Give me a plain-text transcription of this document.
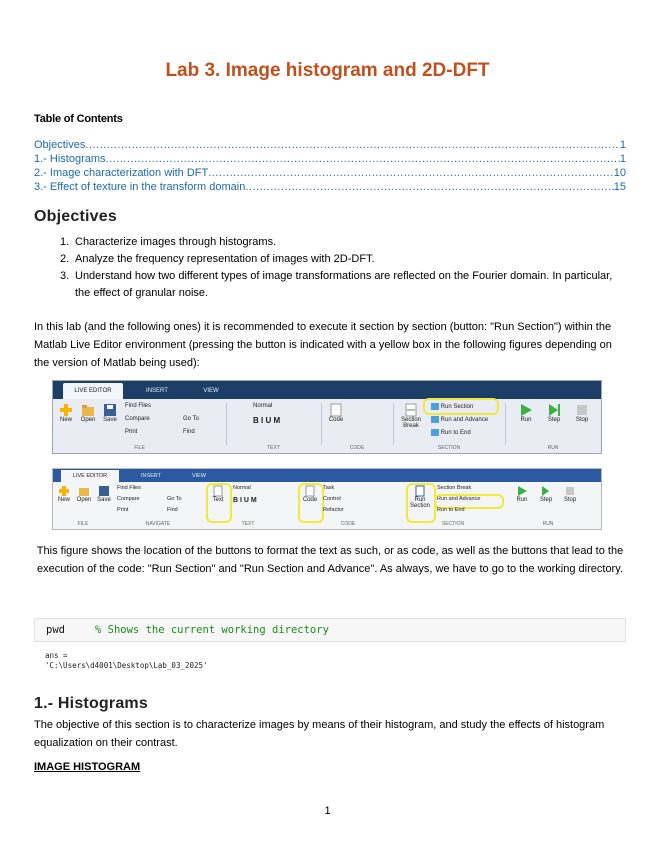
Lab 3. Image histogram and 2D-DFT
Table of Contents
Objectives .....	1
1.- Histograms .....	1
2.- Image characterization with DFT .....	10
3.- Effect of texture in the transform domain .....	15
Objectives
1. Characterize images through histograms.
2. Analyze the frequency representation of images with 2D-DFT.
3. Understand how two different types of image transformations are reflected on the Fourier domain. In particular, the effect of granular noise.
In this lab (and the following ones) it is recommended to execute it section by section (button: "Run Section") within the Matlab Live Editor environment (pressing the button is indicated with a yellow box in the following figures depending on the version of Matlab being used):
LIVE EDITOR	INSERT	VIEW
New	Open	Save
Find Files
Compare
Print
Go To
Find
Normal
B I U M	Code	Section Break
Run Section
Run and Advance
Run to End
Run	Step	Stop
FILE	TEXT	CODE	SECTION	RUN
LIVE EDITOR	INSERT	VIEW
New	Open Save
Find Files
Compare
Print
Go To
Find
Text
Normal
B I U M	Code
Task
Control
Refactor
Run Section
Section Break
Run and Advance
Run to End
Run	Step	Stop
FILE	NAVIGATE	TEXT	CODE	SECTION	RUN
This figure shows the location of the buttons to format the text as such, or as code, as well as the buttons that lead to the execution of the code: "Run Section" and "Run Section and Advance". As always, we have to go to the working directory.
pwd	% Shows the current working directory
ans =
'C:\Users\d4001\Desktop\Lab_03_2025'
1.- Histograms
The objective of this section is to characterize images by means of their histogram, and study the effects of histogram equalization on their contrast.
IMAGE HISTOGRAM
1
